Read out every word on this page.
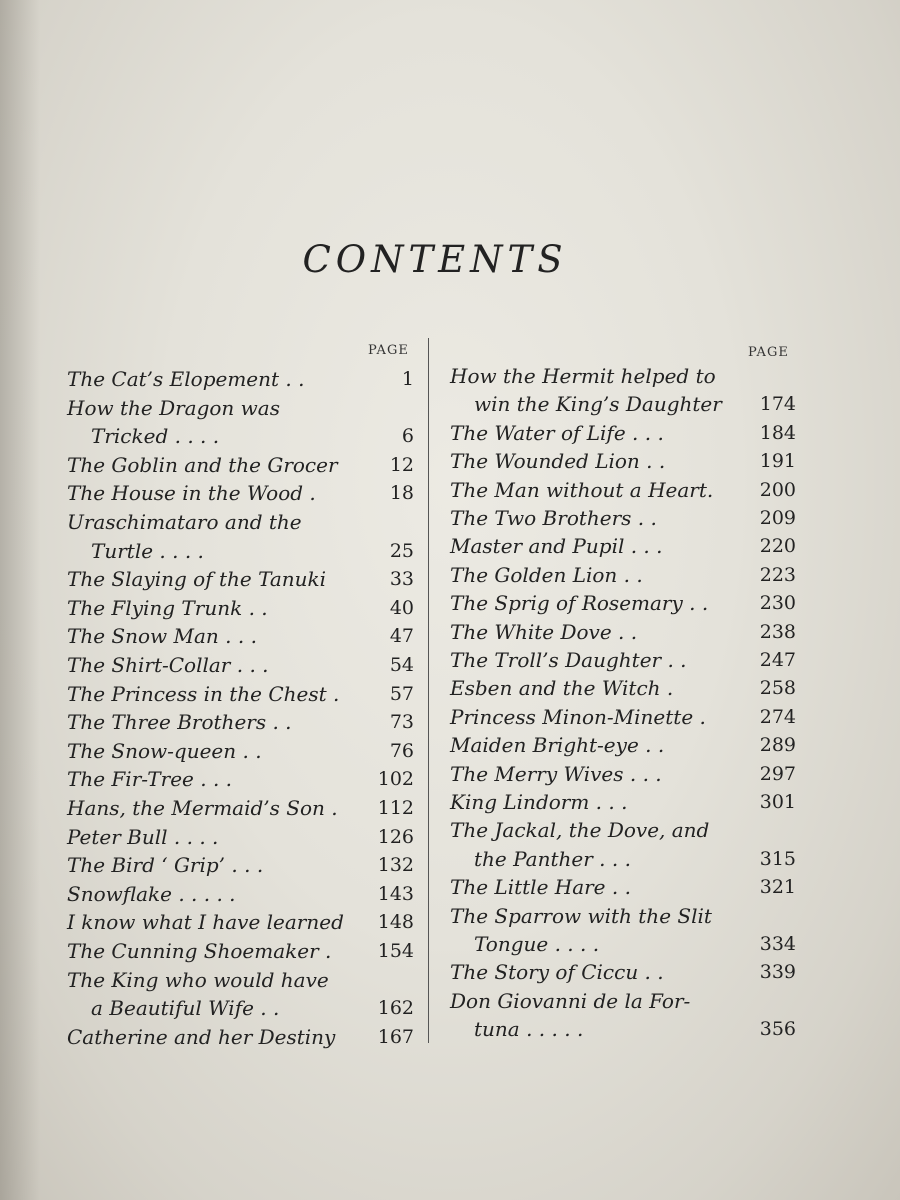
CONTENTS
PAGE	PAGE
The Cat’s Elopement . .	1
How the Dragon was
Tricked . . . .	6
The Goblin and the Grocer	12
The House in the Wood .	18
Uraschimataro and the
Turtle . . . .	25
The Slaying of the Tanuki	33
The Flying Trunk . .	40
The Snow Man . . .	47
The Shirt-Collar . . .	54
The Princess in the Chest .	57
The Three Brothers . .	73
The Snow-queen . .	76
The Fir-Tree . . .	102
Hans, the Mermaid’s Son .	112
Peter Bull . . . .	126
The Bird ‘ Grip’ . . .	132
Snowflake . . . . .	143
I know what I have learned	148
The Cunning Shoemaker .	154
The King who would have
a Beautiful Wife . .	162
Catherine and her Destiny	167
How the Hermit helped to
win the King’s Daughter	174
The Water of Life . . .	184
The Wounded Lion . .	191
The Man without a Heart.	200
The Two Brothers . .	209
Master and Pupil . . .	220
The Golden Lion . .	223
The Sprig of Rosemary . .	230
The White Dove . .	238
The Troll’s Daughter . .	247
Esben and the Witch .	258
Princess Minon-Minette .	274
Maiden Bright-eye . .	289
The Merry Wives . . .	297
King Lindorm . . .	301
The Jackal, the Dove, and
the Panther . . .	315
The Little Hare . .	321
The Sparrow with the Slit
Tongue . . . .	334
The Story of Ciccu . .	339
Don Giovanni de la For-
tuna . . . . .	356
